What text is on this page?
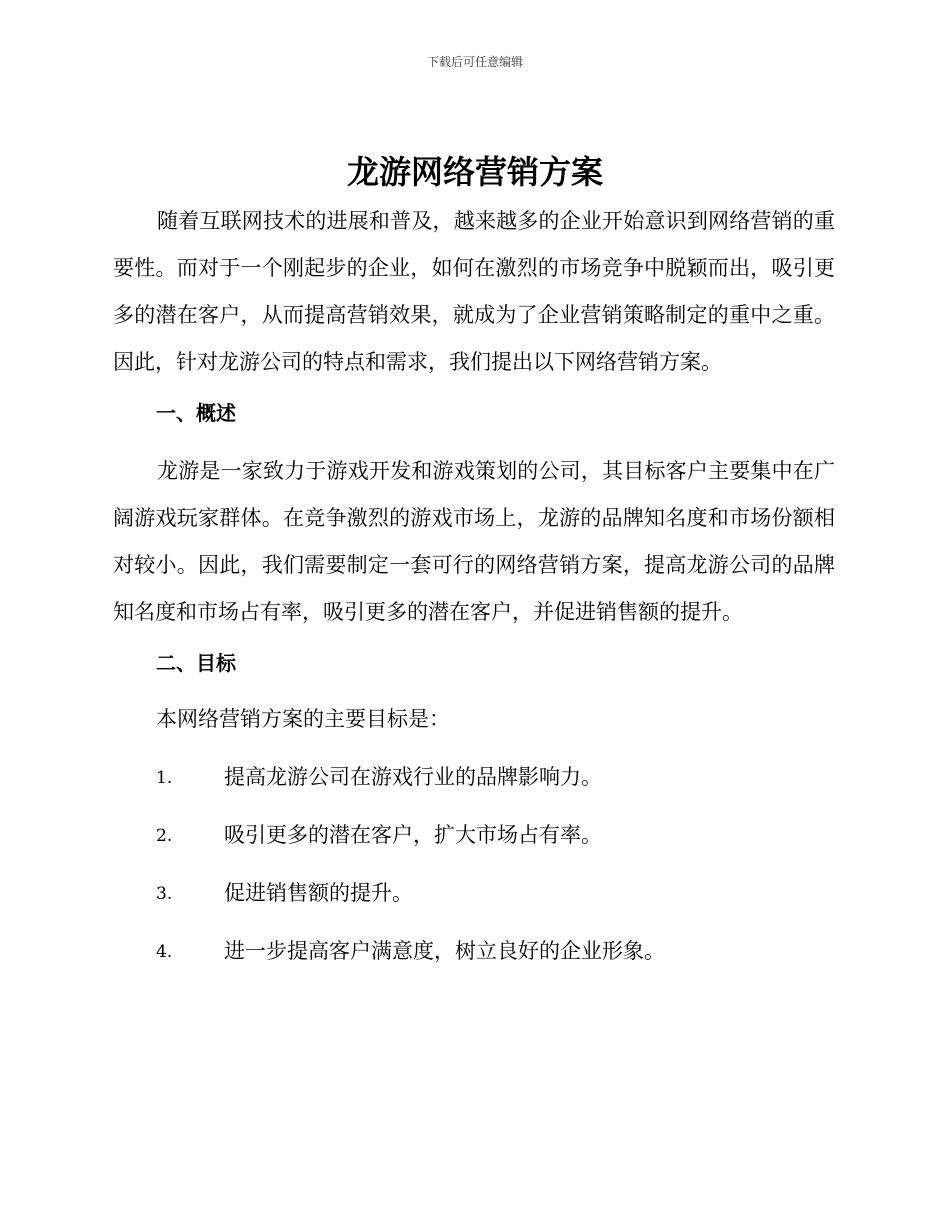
下载后可任意编辑
龙游网络营销方案

随着互联网技术的进展和普及，越来越多的企业开始意识到网络营销的重要性。而对于一个刚起步的企业，如何在激烈的市场竞争中脱颖而出，吸引更多的潜在客户，从而提高营销效果，就成为了企业营销策略制定的重中之重。因此，针对龙游公司的特点和需求，我们提出以下网络营销方案。

一、概述

龙游是一家致力于游戏开发和游戏策划的公司，其目标客户主要集中在广阔游戏玩家群体。在竞争激烈的游戏市场上，龙游的品牌知名度和市场份额相对较小。因此，我们需要制定一套可行的网络营销方案，提高龙游公司的品牌知名度和市场占有率，吸引更多的潜在客户，并促进销售额的提升。

二、目标

本网络营销方案的主要目标是：

1. 提高龙游公司在游戏行业的品牌影响力。
2. 吸引更多的潜在客户，扩大市场占有率。
3. 促进销售额的提升。
4. 进一步提高客户满意度，树立良好的企业形象。
